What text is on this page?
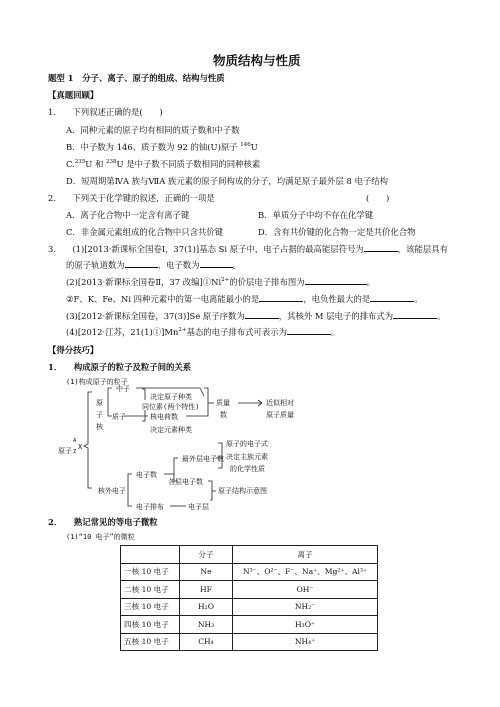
物质结构与性质
题型 1 分子、离子、原子的组成、结构与性质
【真题回顾】
1． 下列叙述正确的是(　　)
A．同种元素的原子均有相同的质子数和中子数
B．中子数为 146、质子数为 92 的铀(U)原子 $^{146}$U
C.$^{235}$U 和 $^{238}$U 是中子数不同质子数相同的同种核素
D．短周期第ⅣA 族与ⅦA 族元素的原子间构成的分子，均满足原子最外层 8 电子结构
2． 下列关于化学键的叙述，正确的一项是	(　　)
A．离子化合物中一定含有离子键	B．单质分子中均不存在化学键
C．非金属元素组成的化合物中只含共价键	D．含有共价键的化合物一定是共价化合物
3． (1)[2013·新课标全国卷Ⅰ，37(1)]基态 Si 原子中，电子占据的最高能层符号为	，该能层具有
的原子轨道数为	、电子数为	。
(2)[2013·新课标全国卷Ⅱ，37 改编]$①Ni^{2+}$的价层电子排布图为	。
②F、K、Fe、Ni 四种元素中的第一电离能最小的是	，电负性最大的是	。
(3)[2012·新课标全国卷，37(3)]Se 原子序数为	，其核外 M 层电子的排布式为	。
(4)[2012·江苏，$21(1)①]Mn^{2+}$基态的电子排布式可表示为	。
【得分技巧】
1． 构成原子的粒子及粒子间的关系
(1)构成原子的粒子
原子
A
Z
X
原
子
核
中子
决定原子种类
同位素(两个特性)
质子	核电荷数
决定元素种类
质量
数
近似相对
原子质量
核外电子
电子数
最外层电子数
各层电子数
原子的电子式
决定主族元素
的化学性质
原子结构示意图
电子排布	电子层
2． 熟记常见的等电子微粒
(1)“10 电子”的微粒
	分子	离子
一核 10 电子	Ne	N³⁻、O²⁻、F⁻、Na⁺、Mg²⁺、Al³⁺
二核 10 电子	HF	OH⁻
三核 10 电子	H₂O	NH₂⁻
四核 10 电子	NH₃	H₃O⁺
五核 10 电子	CH₄	NH₄⁺
